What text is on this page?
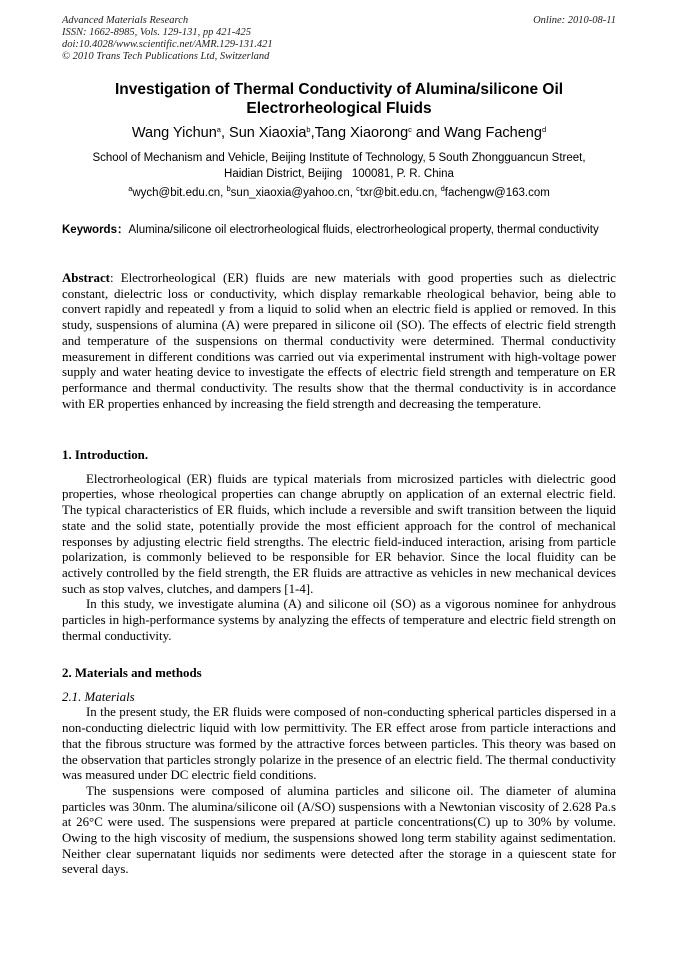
Advanced Materials Research
ISSN: 1662-8985, Vols. 129-131, pp 421-425
doi:10.4028/www.scientific.net/AMR.129-131.421
© 2010 Trans Tech Publications Ltd, Switzerland
Online: 2010-08-11
Investigation of Thermal Conductivity of Alumina/silicone Oil
Electrorheological Fluids
Wang Yichun$^a$, Sun Xiaoxia$^b$,Tang Xiaorong$^c$ and Wang Facheng$^d$
School of Mechanism and Vehicle, Beijing Institute of Technology, 5 South Zhongguancun Street,
Haidian District, Beijing   100081, P. R. China
$^a$wych@bit.edu.cn, $^b$sun_xiaoxia@yahoo.cn, $^c$txr@bit.edu.cn, $^d$fachengw@163.com
Keywords：Alumina/silicone oil electrorheological fluids, electrorheological property, thermal conductivity
Abstract: Electrorheological (ER) fluids are new materials with good properties such as dielectric constant, dielectric loss or conductivity, which display remarkable rheological behavior, being able to convert rapidly and repeatedl y from a liquid to solid when an electric field is applied or removed. In this study, suspensions of alumina (A) were prepared in silicone oil (SO). The effects of electric field strength and temperature of the suspensions on thermal conductivity were determined. Thermal conductivity measurement in different conditions was carried out via experimental instrument with high-voltage power supply and water heating device to investigate the effects of electric field strength and temperature on ER performance and thermal conductivity. The results show that the thermal conductivity is in accordance with ER properties enhanced by increasing the field strength and decreasing the temperature.
1. Introduction.

Electrorheological (ER) fluids are typical materials from microsized particles with dielectric good properties, whose rheological properties can change abruptly on application of an external electric field. The typical characteristics of ER fluids, which include a reversible and swift transition between the liquid state and the solid state, potentially provide the most efficient approach for the control of mechanical responses by adjusting electric field strengths. The electric field-induced interaction, arising from particle polarization, is commonly believed to be responsible for ER behavior. Since the local fluidity can be actively controlled by the field strength, the ER fluids are attractive as vehicles in new mechanical devices such as stop valves, clutches, and dampers [1-4].

In this study, we investigate alumina (A) and silicone oil (SO) as a vigorous nominee for anhydrous particles in high-performance systems by analyzing the effects of temperature and electric field strength on thermal conductivity.

2. Materials and methods
2.1. Materials

In the present study, the ER fluids were composed of non-conducting spherical particles dispersed in a non-conducting dielectric liquid with low permittivity. The ER effect arose from particle interactions and that the fibrous structure was formed by the attractive forces between particles. This theory was based on the observation that particles strongly polarize in the presence of an electric field. The thermal conductivity was measured under DC electric field conditions.

The suspensions were composed of alumina particles and silicone oil. The diameter of alumina particles was 30nm. The alumina/silicone oil (A/SO) suspensions with a Newtonian viscosity of 2.628 Pa.s at 26°C were used. The suspensions were prepared at particle concentrations(C) up to 30% by volume. Owing to the high viscosity of medium, the suspensions showed long term stability against sedimentation. Neither clear supernatant liquids nor sediments were detected after the storage in a quiescent state for several days.
